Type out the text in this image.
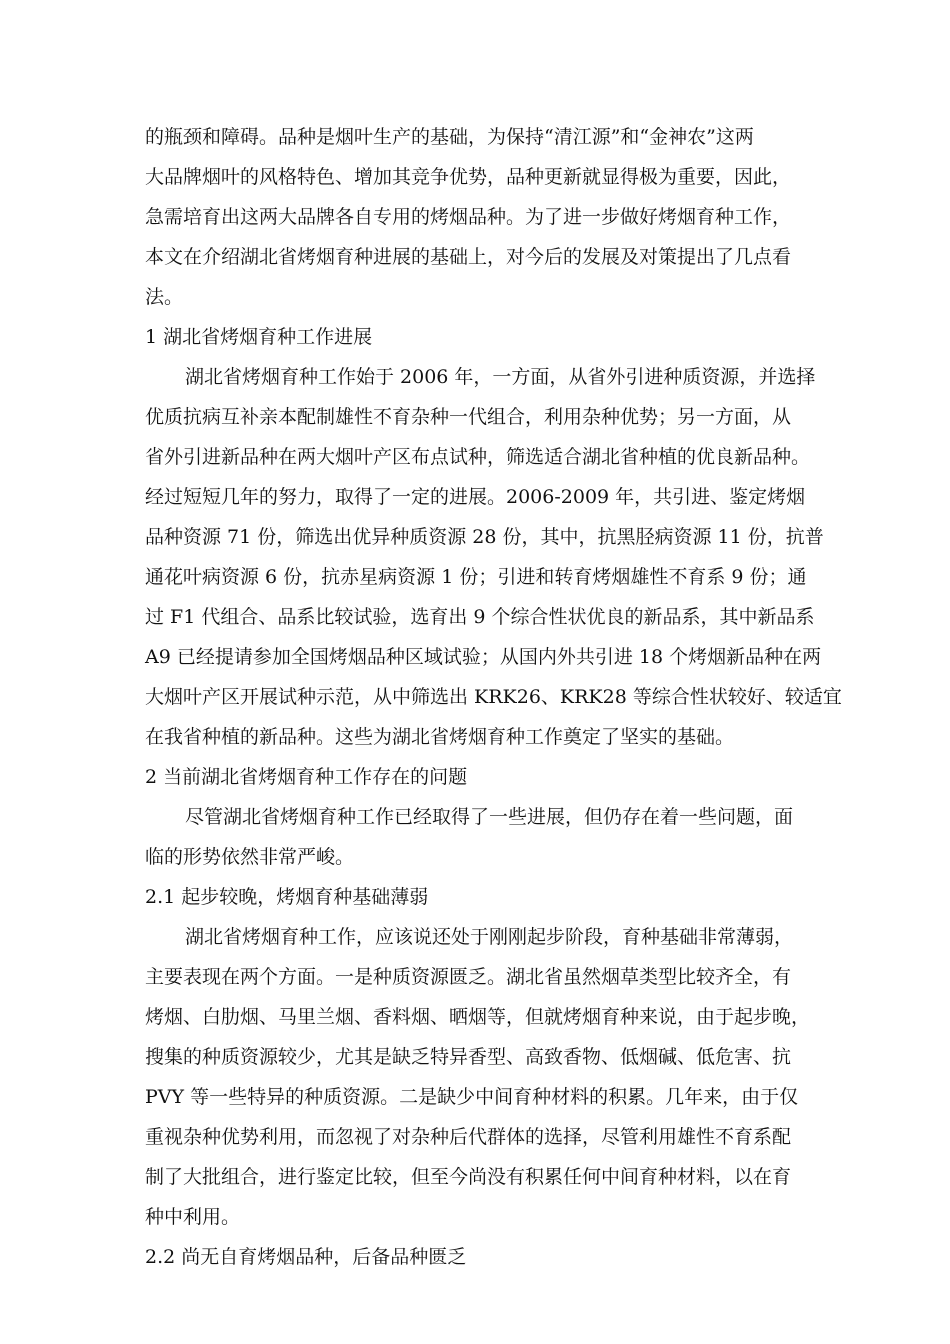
的瓶颈和障碍。品种是烟叶生产的基础，为保持“清江源”和“金神农”这两
大品牌烟叶的风格特色、增加其竞争优势，品种更新就显得极为重要，因此，
急需培育出这两大品牌各自专用的烤烟品种。为了进一步做好烤烟育种工作，
本文在介绍湖北省烤烟育种进展的基础上，对今后的发展及对策提出了几点看
法。
1 湖北省烤烟育种工作进展
湖北省烤烟育种工作始于 2006 年，一方面，从省外引进种质资源，并选择
优质抗病互补亲本配制雄性不育杂种一代组合，利用杂种优势；另一方面，从
省外引进新品种在两大烟叶产区布点试种，筛选适合湖北省种植的优良新品种。
经过短短几年的努力，取得了一定的进展。2006-2009 年，共引进、鉴定烤烟
品种资源 71 份，筛选出优异种质资源 28 份，其中，抗黑胫病资源 11 份，抗普
通花叶病资源 6 份，抗赤星病资源 1 份；引进和转育烤烟雄性不育系 9 份；通
过 F1 代组合、品系比较试验，选育出 9 个综合性状优良的新品系，其中新品系
A9 已经提请参加全国烤烟品种区域试验；从国内外共引进 18 个烤烟新品种在两
大烟叶产区开展试种示范，从中筛选出 KRK26、KRK28 等综合性状较好、较适宜
在我省种植的新品种。这些为湖北省烤烟育种工作奠定了坚实的基础。
2 当前湖北省烤烟育种工作存在的问题
尽管湖北省烤烟育种工作已经取得了一些进展，但仍存在着一些问题，面
临的形势依然非常严峻。
2.1 起步较晚，烤烟育种基础薄弱
湖北省烤烟育种工作，应该说还处于刚刚起步阶段，育种基础非常薄弱，
主要表现在两个方面。一是种质资源匮乏。湖北省虽然烟草类型比较齐全，有
烤烟、白肋烟、马里兰烟、香料烟、晒烟等，但就烤烟育种来说，由于起步晚，
搜集的种质资源较少，尤其是缺乏特异香型、高致香物、低烟碱、低危害、抗
PVY 等一些特异的种质资源。二是缺少中间育种材料的积累。几年来，由于仅
重视杂种优势利用，而忽视了对杂种后代群体的选择，尽管利用雄性不育系配
制了大批组合，进行鉴定比较，但至今尚没有积累任何中间育种材料，以在育
种中利用。
2.2 尚无自育烤烟品种，后备品种匮乏
